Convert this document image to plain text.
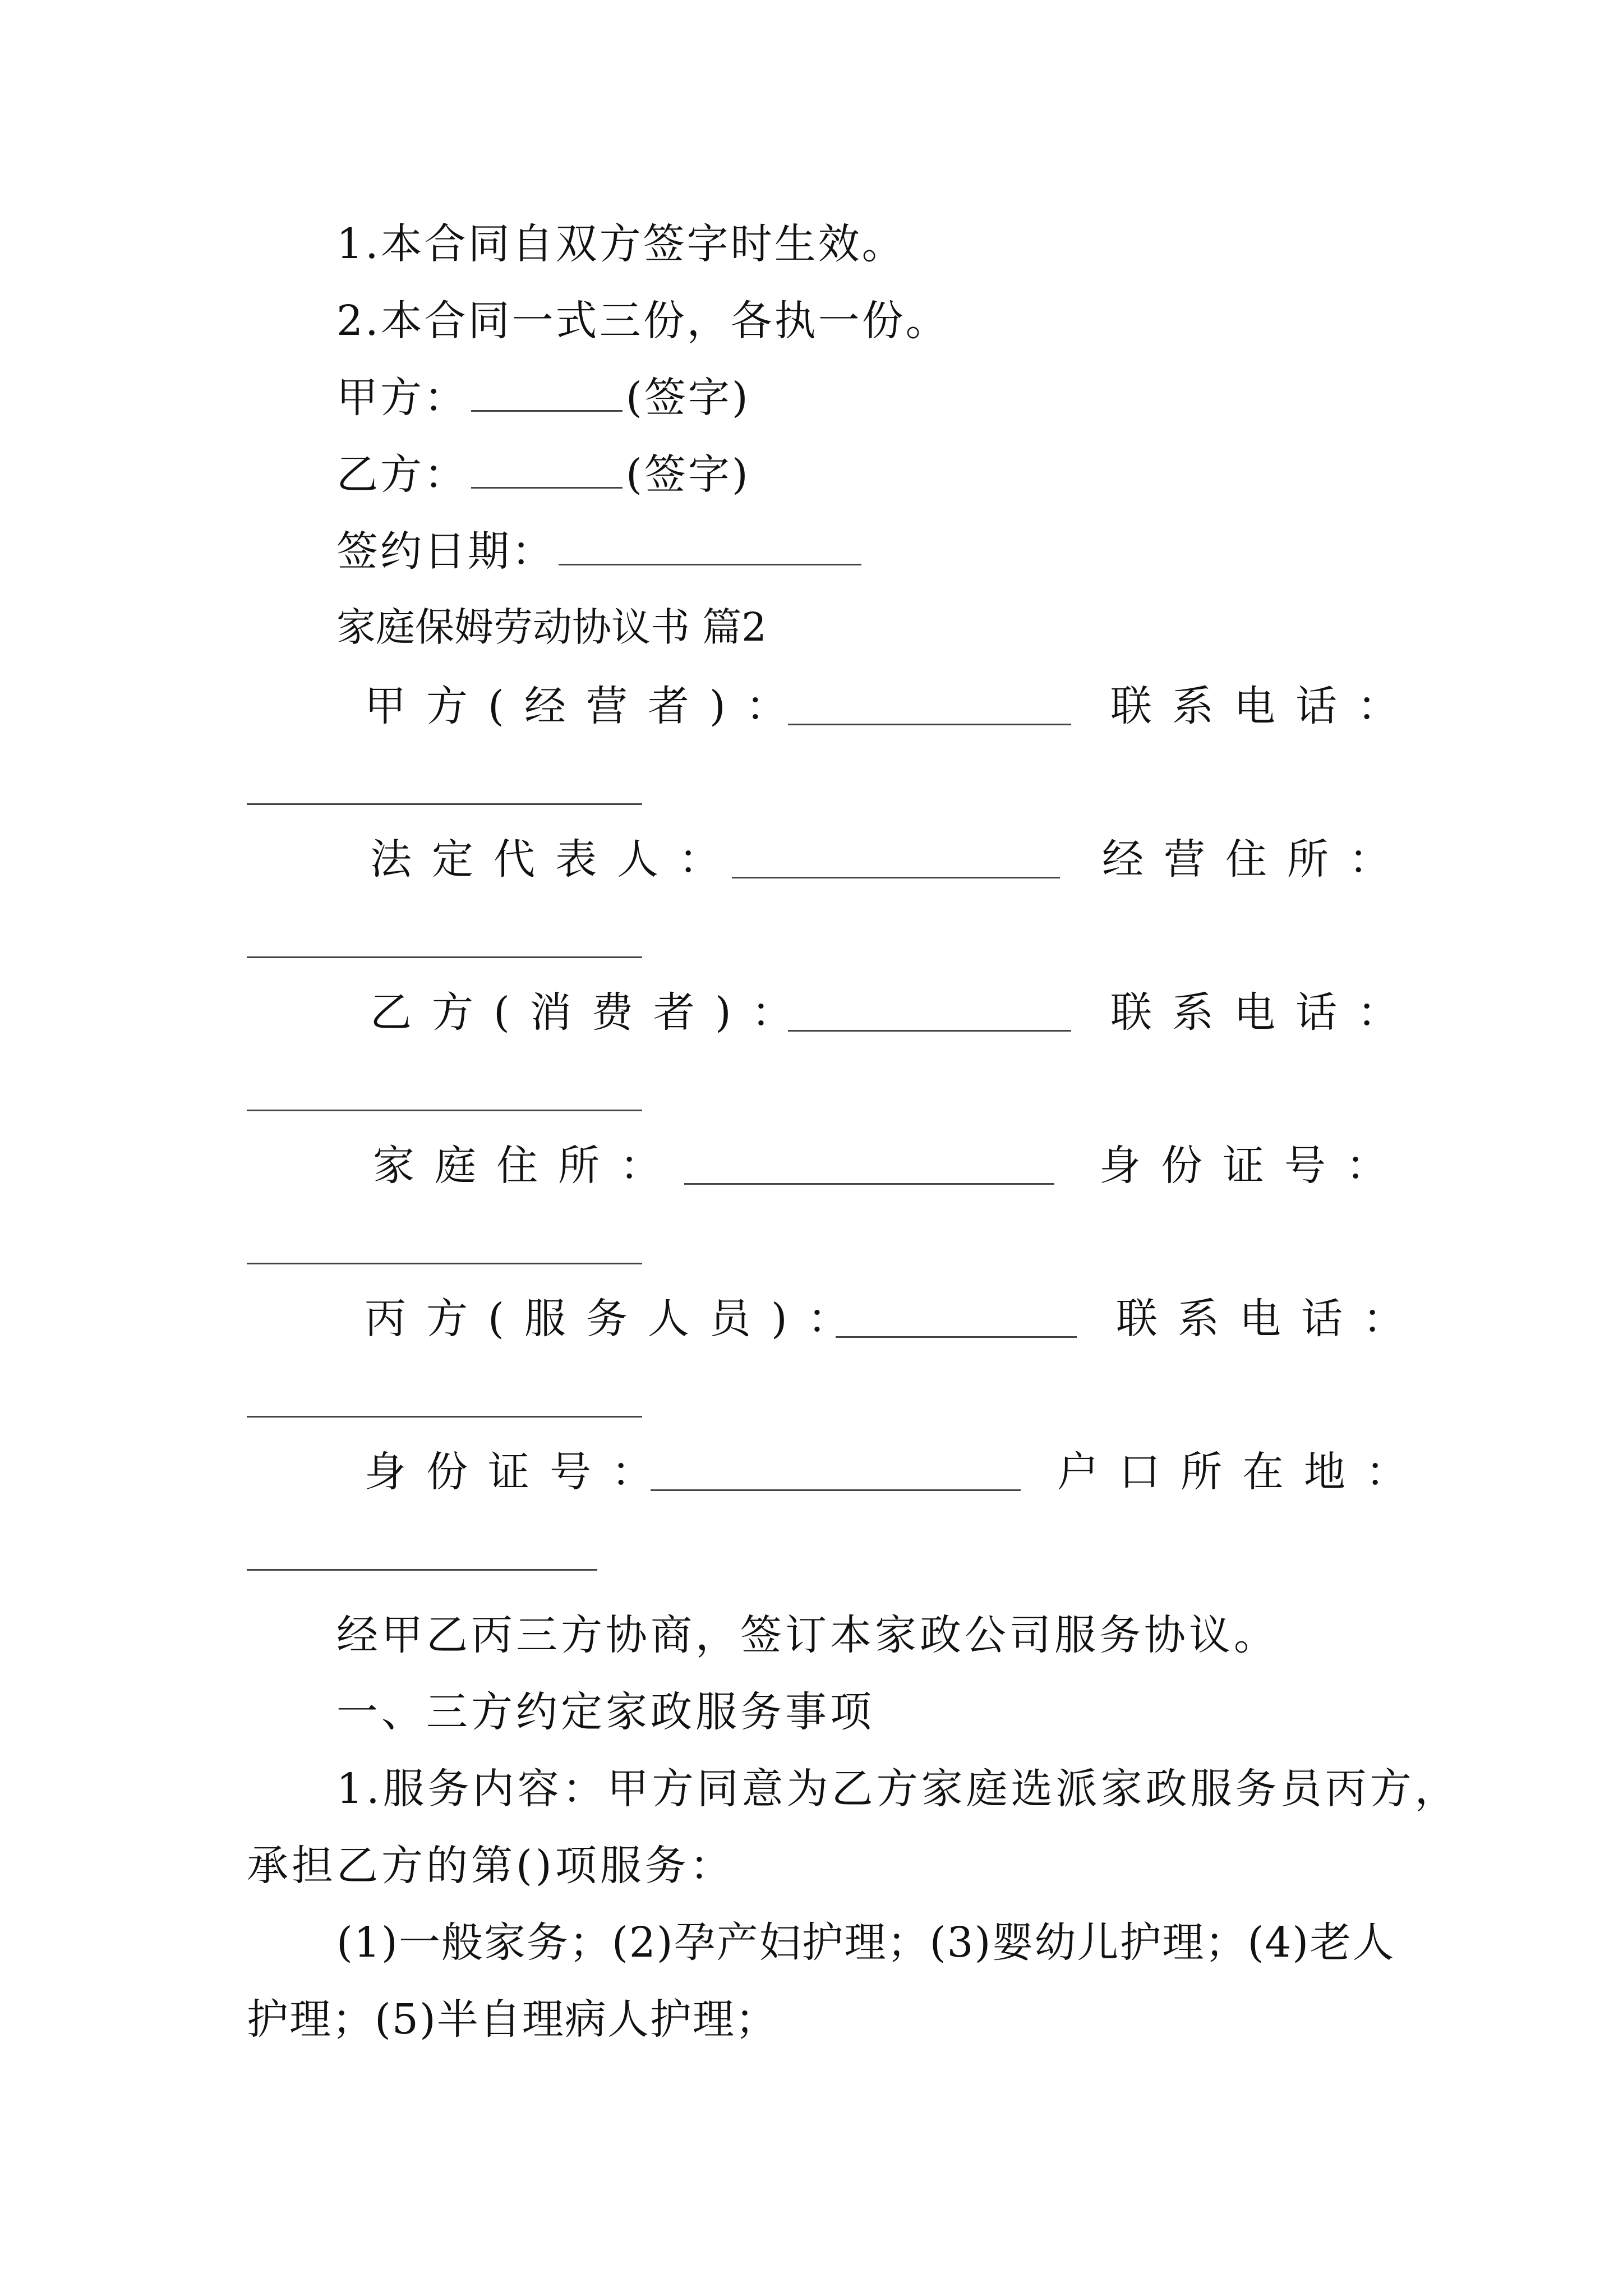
1.本合同自双方签字时生效。
2.本合同一式三份，各执一份。
甲方：	(签字)
乙方：	(签字)
签约日期：
家庭保姆劳动协议书 篇2
甲方(经营者)：	联系电话：
法定代表人：	经营住所：
乙方(消费者)：	联系电话：
家庭住所：	身份证号：
丙方(服务人员)：	联系电话：
身份证号：	户口所在地：
经甲乙丙三方协商，签订本家政公司服务协议。
一、三方约定家政服务事项
1.服务内容：甲方同意为乙方家庭选派家政服务员丙方，
承担乙方的第()项服务：
(1)一般家务；(2)孕产妇护理；(3)婴幼儿护理；(4)老人
护理；(5)半自理病人护理；
